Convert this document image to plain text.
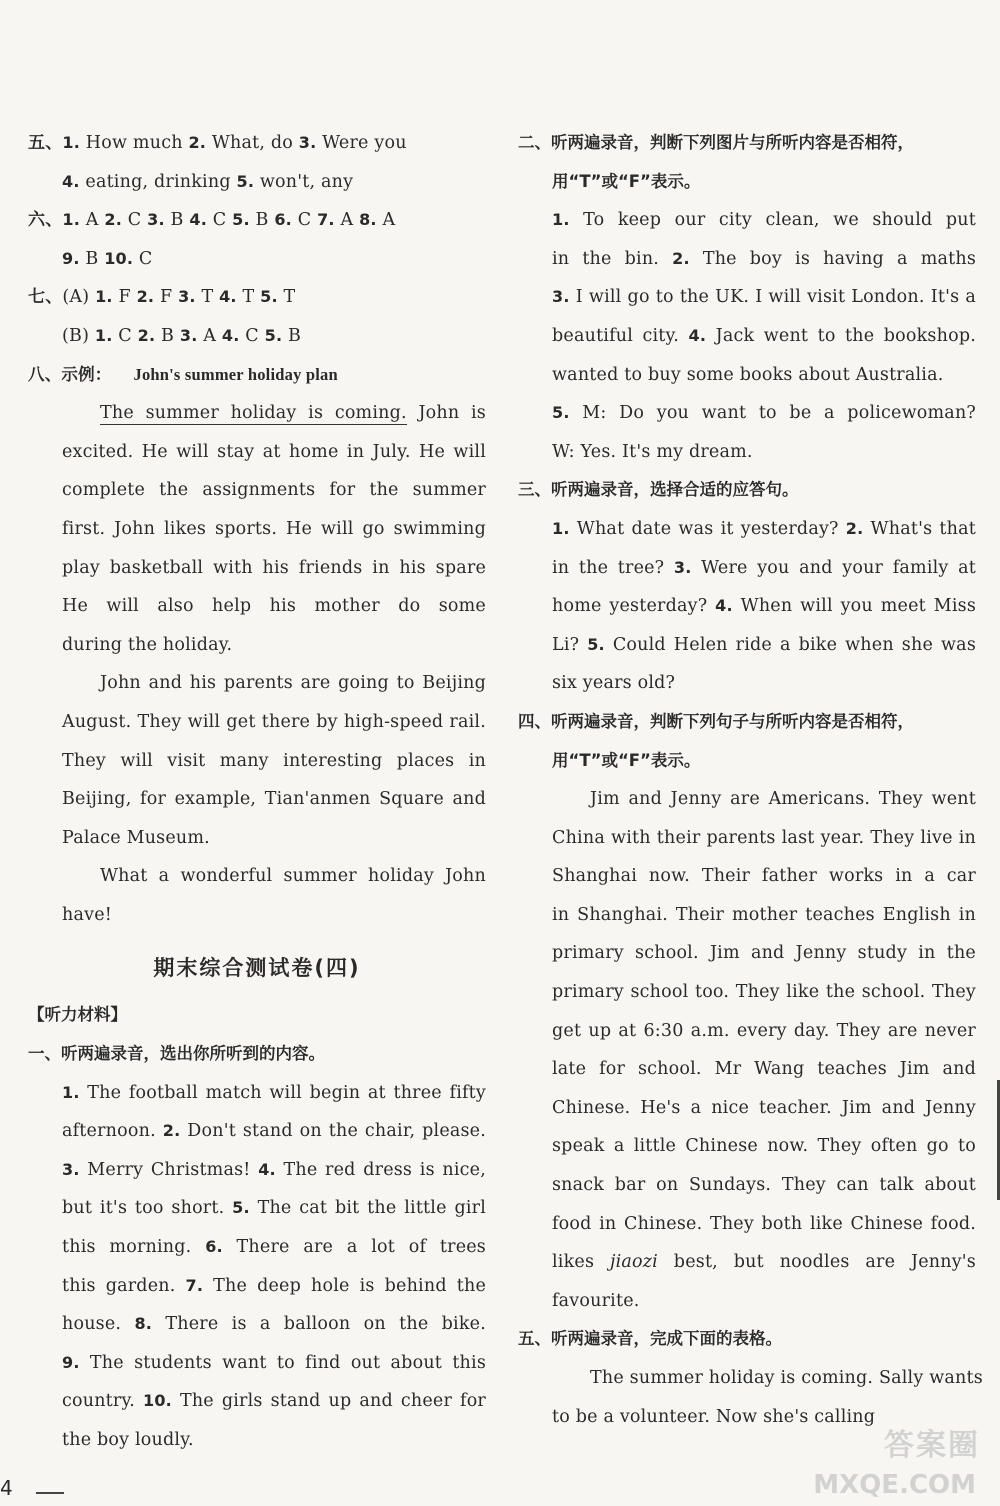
五、1. How much 2. What, do 3. Were you
4. eating, drinking 5. won't, any
六、1. A 2. C 3. B 4. C 5. B 6. C 7. A 8. A
9. B 10. C
七、(A) 1. F 2. F 3. T 4. T 5. T
(B) 1. C 2. B 3. A 4. C 5. B
八、示例： John's summer holiday plan
The summer holiday is coming. John is
excited. He will stay at home in July. He will
complete the assignments for the summer
first. John likes sports. He will go swimming
play basketball with his friends in his spare
He will also help his mother do some
during the holiday.
John and his parents are going to Beijing
August. They will get there by high-speed rail.
They will visit many interesting places in
Beijing, for example, Tian'anmen Square and
Palace Museum.
What a wonderful summer holiday John
have!
期末综合测试卷(四)
【听力材料】
一、听两遍录音，选出你所听到的内容。
1. The football match will begin at three fifty
afternoon. 2. Don't stand on the chair, please.
3. Merry Christmas! 4. The red dress is nice,
but it's too short. 5. The cat bit the little girl
this morning. 6. There are a lot of trees
this garden. 7. The deep hole is behind the
house. 8. There is a balloon on the bike.
9. The students want to find out about this
country. 10. The girls stand up and cheer for
the boy loudly.
二、听两遍录音，判断下列图片与所听内容是否相符，
用“T”或“F”表示。
1. To keep our city clean, we should put
in the bin. 2. The boy is having a maths
3. I will go to the UK. I will visit London. It's a
beautiful city. 4. Jack went to the bookshop.
wanted to buy some books about Australia.
5. M: Do you want to be a policewoman?
W: Yes. It's my dream.
三、听两遍录音，选择合适的应答句。
1. What date was it yesterday? 2. What's that
in the tree? 3. Were you and your family at
home yesterday? 4. When will you meet Miss
Li? 5. Could Helen ride a bike when she was
six years old?
四、听两遍录音，判断下列句子与所听内容是否相符，
用“T”或“F”表示。
Jim and Jenny are Americans. They went
China with their parents last year. They live in
Shanghai now. Their father works in a car
in Shanghai. Their mother teaches English in
primary school. Jim and Jenny study in the
primary school too. They like the school. They
get up at 6:30 a.m. every day. They are never
late for school. Mr Wang teaches Jim and
Chinese. He's a nice teacher. Jim and Jenny
speak a little Chinese now. They often go to
snack bar on Sundays. They can talk about
food in Chinese. They both like Chinese food.
likes jiaozi best, but noodles are Jenny's
favourite.
五、听两遍录音，完成下面的表格。
The summer holiday is coming. Sally wants
to be a volunteer. Now she's calling
4
答案圈
MXQE.COM
